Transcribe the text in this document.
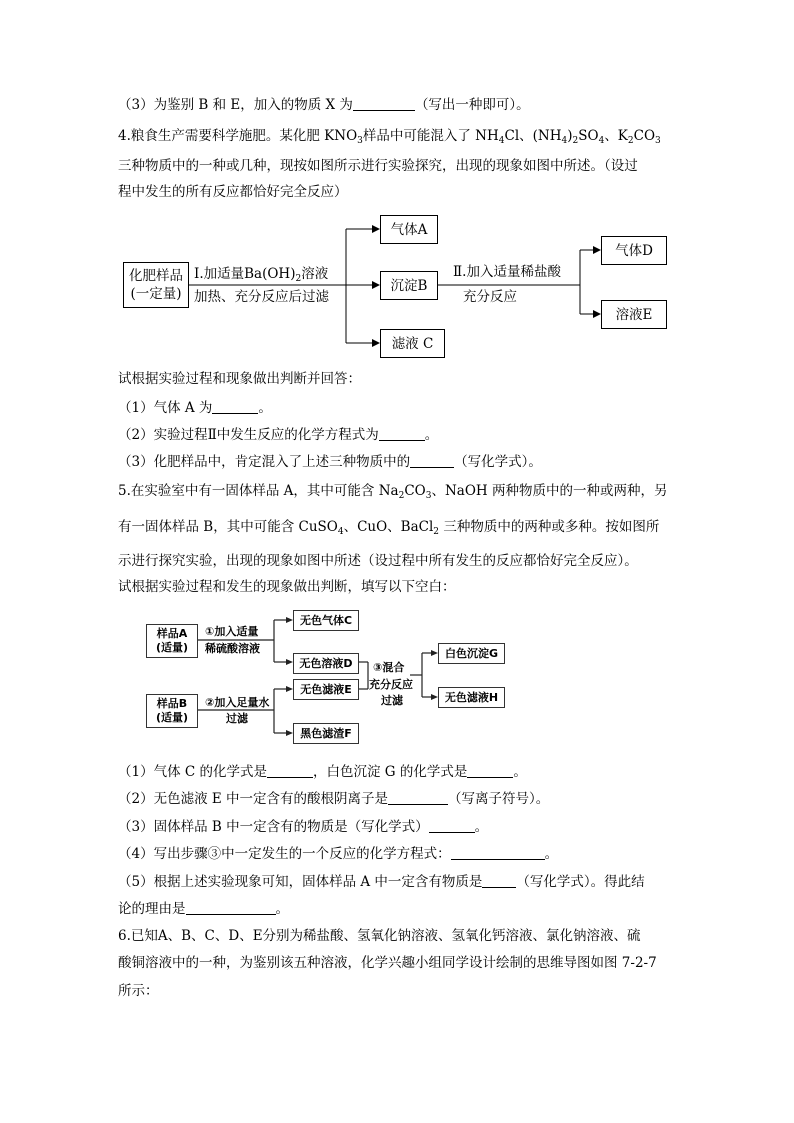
（3）为鉴别 B 和 E，加入的物质 X 为	（写出一种即可）。
4.粮食生产需要科学施肥。某化肥 $KNO_3$样品中可能混入了 $NH_4Cl$、$(NH_4)_2SO_4$、$K_2CO_3$
三种物质中的一种或几种，现按如图所示进行实验探究，出现的现象如图中所述。（设过
程中发生的所有反应都恰好完全反应）
化肥样品
(一定量)
Ⅰ.加适量$Ba(OH)_2$溶液
加热、充分反应后过滤
气体A
沉淀B
滤液 C
Ⅱ.加入适量稀盐酸
充分反应
气体D
溶液E
试根据实验过程和现象做出判断并回答：
（1）气体 A 为	。
（2）实验过程Ⅱ中发生反应的化学方程式为	。
（3）化肥样品中，肯定混入了上述三种物质中的	（写化学式）。
5.在实验室中有一固体样品 A，其中可能含 $Na_2CO_3$、NaOH 两种物质中的一种或两种，另
有一固体样品 B，其中可能含 CuSO$_4$、CuO、BaCl$_2$ 三种物质中的两种或多种。按如图所
示进行探究实验，出现的现象如图中所述（设过程中所有发生的反应都恰好完全反应）。
试根据实验过程和发生的现象做出判断，填写以下空白：
样品A
(适量)
①加入适量
稀硫酸溶液
无色气体C
无色溶液D	③混合
充分反应
过滤
白色沉淀G
无色滤液H
样品B
(适量)
②加入足量水
过滤
无色滤液E
黑色滤渣F
（1）气体 C 的化学式是	，白色沉淀 G 的化学式是	。
（2）无色滤液 E 中一定含有的酸根阴离子是	（写离子符号）。
（3）固体样品 B 中一定含有的物质是（写化学式）	。
（4）写出步骤③中一定发生的一个反应的化学方程式：	。
（5）根据上述实验现象可知，固体样品 A 中一定含有物质是	（写化学式）。得此结
论的理由是	。
6.已知A、B、C、D、E分别为稀盐酸、氢氧化钠溶液、氢氧化钙溶液、氯化钠溶液、硫
酸铜溶液中的一种，为鉴别该五种溶液，化学兴趣小组同学设计绘制的思维导图如图 7-2-7
所示：
